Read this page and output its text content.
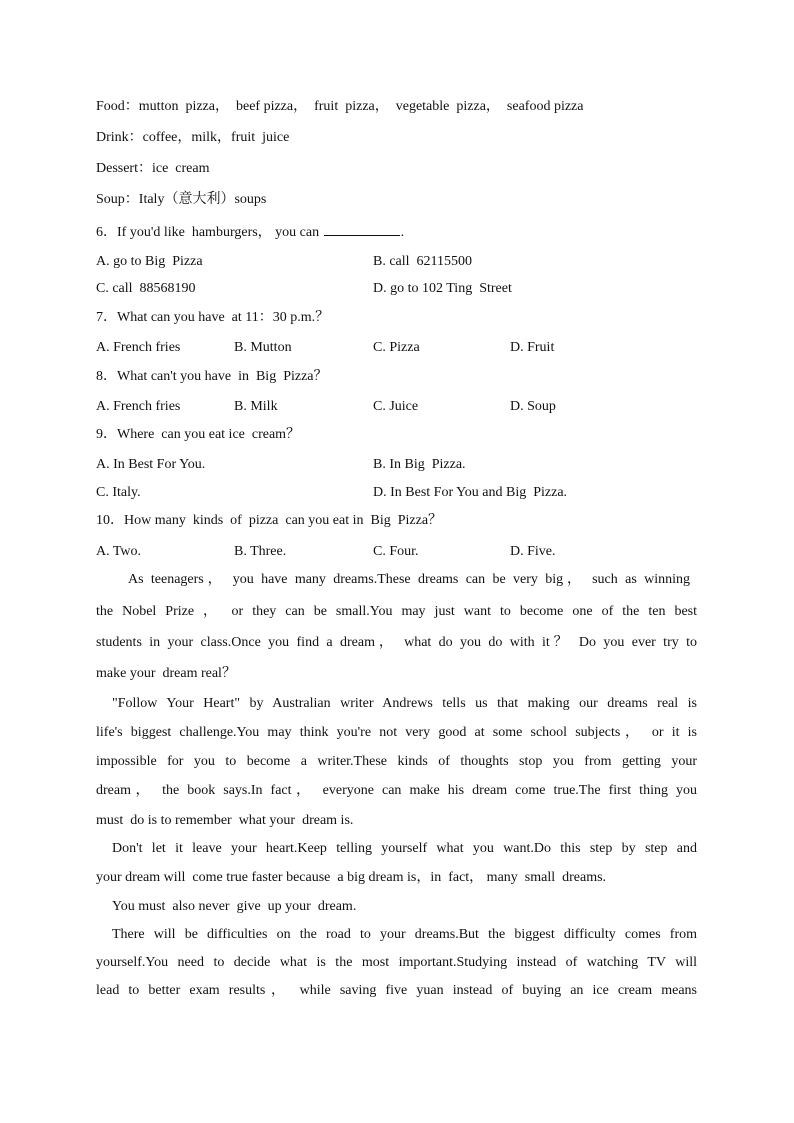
Food：mutton  pizza，  beef pizza，  fruit  pizza，  vegetable  pizza，  seafood pizza
Drink：coffee，milk，fruit  juice
Dessert：ice  cream
Soup：Italy（意大利）soups
6．If you'd like  hamburgers， you can	.
A. go to Big  Pizza	B. call  62115500
C. call  88568190	D. go to 102 Ting  Street
7．What can you have  at 11：30 p.m.？
A. French fries	B. Mutton	C. Pizza	D. Fruit
8．What can't you have  in  Big  Pizza？
A. French fries	B. Milk	C. Juice	D. Soup
9．Where  can you eat ice  cream？
A. In Best For You.	B. In Big  Pizza.
C. Italy.	D. In Best For You and Big  Pizza.
10．How many  kinds  of  pizza  can you eat in  Big  Pizza？
A. Two.	B. Three.	C. Four.	D. Five.
As teenagers， you have many dreams.These dreams can be very big， such as winning
the Nobel Prize ， or they can be small.You may just want to become one of the ten best
students in your class.Once you find a dream， what do you do with it？ Do you ever try to
make your  dream real？
"Follow Your Heart" by Australian writer Andrews tells us that making our dreams real is
life's biggest challenge.You may think you're not very good at some school subjects， or it is
impossible for you to become a writer.These kinds of thoughts stop you from getting your
dream， the book says.In fact， everyone can make his dream come true.The first thing you
must  do is to remember  what your  dream is.
Don't let it leave your heart.Keep telling yourself what you want.Do this step by step and
your dream will  come true faster because  a big dream is，in  fact， many  small  dreams.
You must  also never  give  up your  dream.
There will be difficulties on the road to your dreams.But the biggest difficulty comes from
yourself.You need to decide what is the most important.Studying instead of watching TV will
lead to better exam results， while saving five yuan instead of buying an ice cream means
